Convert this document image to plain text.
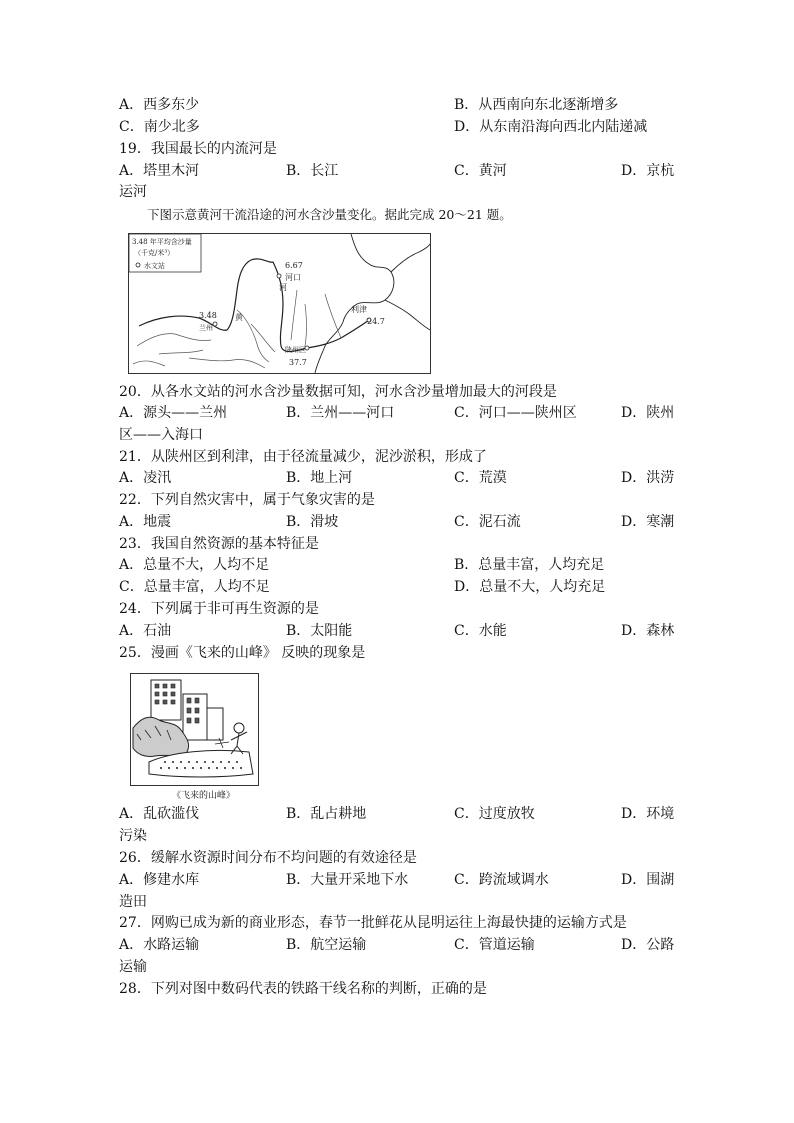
A．西多东少	B．从西南向东北逐渐增多
C．南少北多	D．从东南沿海向西北内陆递减
19．我国最长的内流河是
A．塔里木河	B．长江	C．黄河	D．京杭
运河
下图示意黄河干流沿途的河水含沙量变化。据此完成 20～21 题。
3.48 年平均含沙量
（千克/米³）
水文站
3.48
兰州
6.67
河口
河
黄
陕州区
37.7
利津
24.7
20．从各水文站的河水含沙量数据可知，河水含沙量增加最大的河段是
A．源头——兰州	B．兰州——河口	C．河口——陕州区	D．陕州
区——入海口
21．从陕州区到利津，由于径流量减少，泥沙淤积，形成了
A．凌汛	B．地上河	C．荒漠	D．洪涝
22．下列自然灾害中，属于气象灾害的是
A．地震	B．滑坡	C．泥石流	D．寒潮
23．我国自然资源的基本特征是
A．总量不大，人均不足	B．总量丰富，人均充足
C．总量丰富，人均不足	D．总量不大，人均充足
24．下列属于非可再生资源的是
A．石油	B．太阳能	C．水能	D．森林
25．漫画《飞来的山峰》 反映的现象是
《飞来的山峰》
A．乱砍滥伐	B．乱占耕地	C．过度放牧	D．环境
污染
26．缓解水资源时间分布不均问题的有效途径是
A．修建水库	B．大量开采地下水	C．跨流域调水	D．围湖
造田
27．网购已成为新的商业形态，春节一批鲜花从昆明运往上海最快捷的运输方式是
A．水路运输	B．航空运输	C．管道运输	D．公路
运输
28．下列对图中数码代表的铁路干线名称的判断，正确的是
